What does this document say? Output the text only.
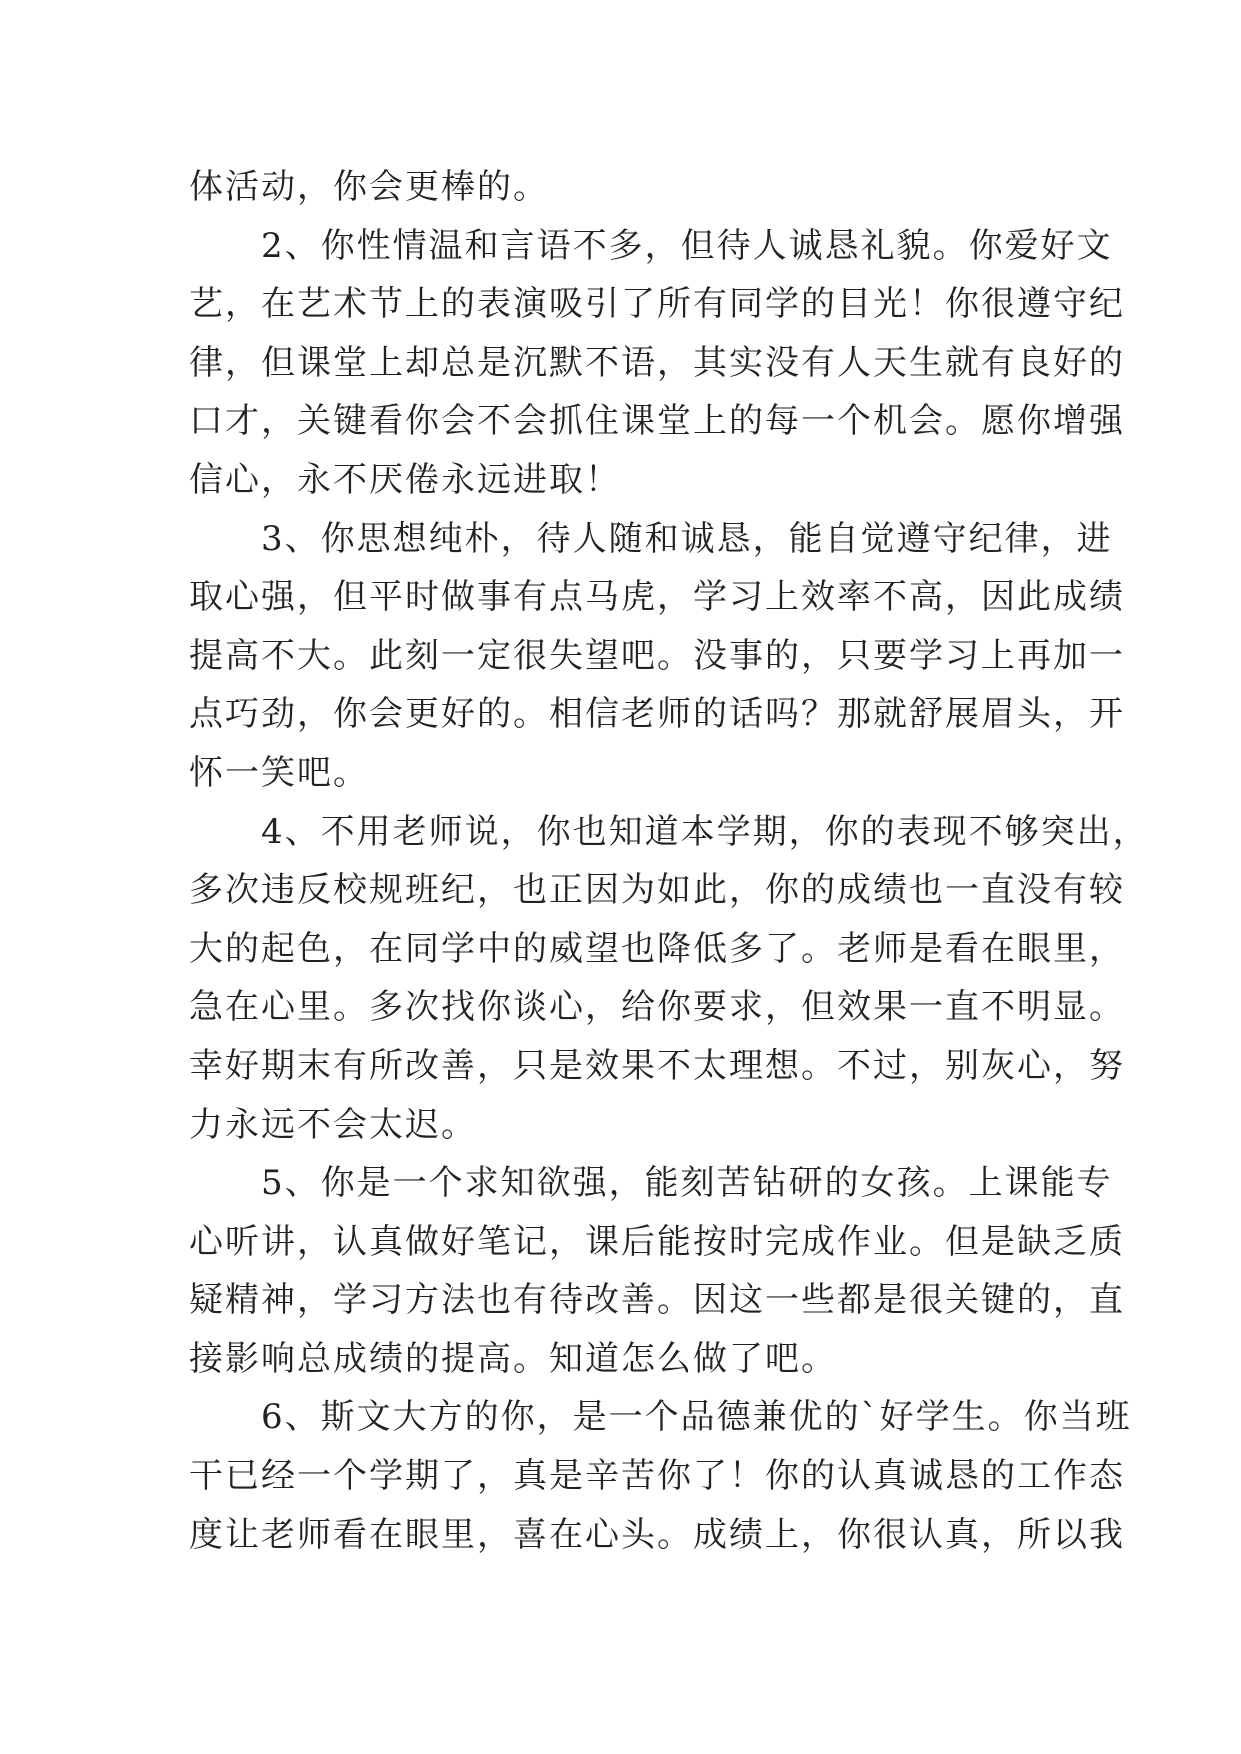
体活动，你会更棒的。
　　2、你性情温和言语不多，但待人诚恳礼貌。你爱好文
艺，在艺术节上的表演吸引了所有同学的目光！你很遵守纪
律，但课堂上却总是沉默不语，其实没有人天生就有良好的
口才，关键看你会不会抓住课堂上的每一个机会。愿你增强
信心，永不厌倦永远进取！
　　3、你思想纯朴，待人随和诚恳，能自觉遵守纪律，进
取心强，但平时做事有点马虎，学习上效率不高，因此成绩
提高不大。此刻一定很失望吧。没事的，只要学习上再加一
点巧劲，你会更好的。相信老师的话吗？那就舒展眉头，开
怀一笑吧。
　　4、不用老师说，你也知道本学期，你的表现不够突出，
多次违反校规班纪，也正因为如此，你的成绩也一直没有较
大的起色，在同学中的威望也降低多了。老师是看在眼里，
急在心里。多次找你谈心，给你要求，但效果一直不明显。
幸好期末有所改善，只是效果不太理想。不过，别灰心，努
力永远不会太迟。
　　5、你是一个求知欲强，能刻苦钻研的女孩。上课能专
心听讲，认真做好笔记，课后能按时完成作业。但是缺乏质
疑精神，学习方法也有待改善。因这一些都是很关键的，直
接影响总成绩的提高。知道怎么做了吧。
　　6、斯文大方的你，是一个品德兼优的`好学生。你当班
干已经一个学期了，真是辛苦你了！你的认真诚恳的工作态
度让老师看在眼里，喜在心头。成绩上，你很认真，所以我
